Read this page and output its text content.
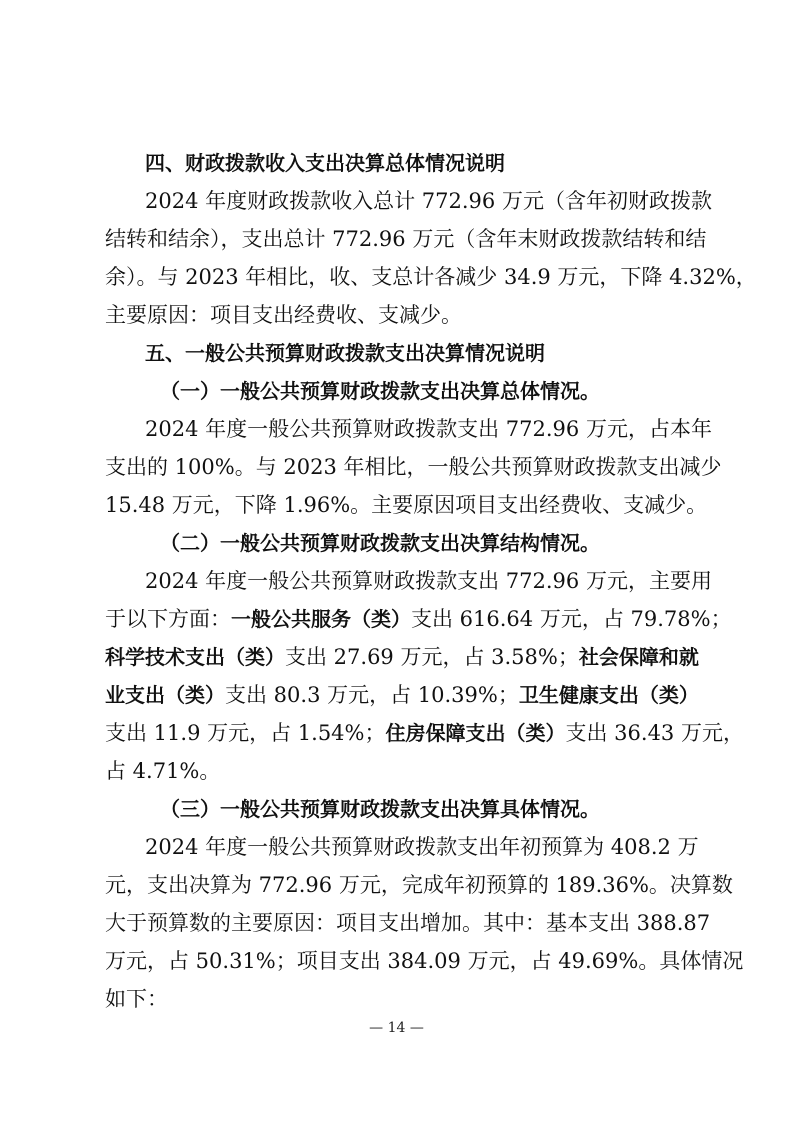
四、财政拨款收入支出决算总体情况说明
2024 年度财政拨款收入总计 772.96 万元（含年初财政拨款
结转和结余），支出总计 772.96 万元（含年末财政拨款结转和结
余）。与 2023 年相比，收、支总计各减少 34.9 万元，下降 4.32%，
主要原因：项目支出经费收、支减少。
五、一般公共预算财政拨款支出决算情况说明
（一）一般公共预算财政拨款支出决算总体情况。
2024 年度一般公共预算财政拨款支出 772.96 万元，占本年
支出的 100%。与 2023 年相比，一般公共预算财政拨款支出减少
15.48 万元，下降 1.96%。主要原因项目支出经费收、支减少。
（二）一般公共预算财政拨款支出决算结构情况。
2024 年度一般公共预算财政拨款支出 772.96 万元，主要用
于以下方面：一般公共服务（类）支出 616.64 万元，占 79.78%；
科学技术支出（类）支出 27.69 万元，占 3.58%；社会保障和就
业支出（类）支出 80.3 万元，占 10.39%；卫生健康支出（类）
支出 11.9 万元，占 1.54%；住房保障支出（类）支出 36.43 万元，
占 4.71%。
（三）一般公共预算财政拨款支出决算具体情况。
2024 年度一般公共预算财政拨款支出年初预算为 408.2 万
元，支出决算为 772.96 万元，完成年初预算的 189.36%。决算数
大于预算数的主要原因：项目支出增加。其中：基本支出 388.87
万元，占 50.31%；项目支出 384.09 万元，占 49.69%。具体情况
如下：
— 14 —
